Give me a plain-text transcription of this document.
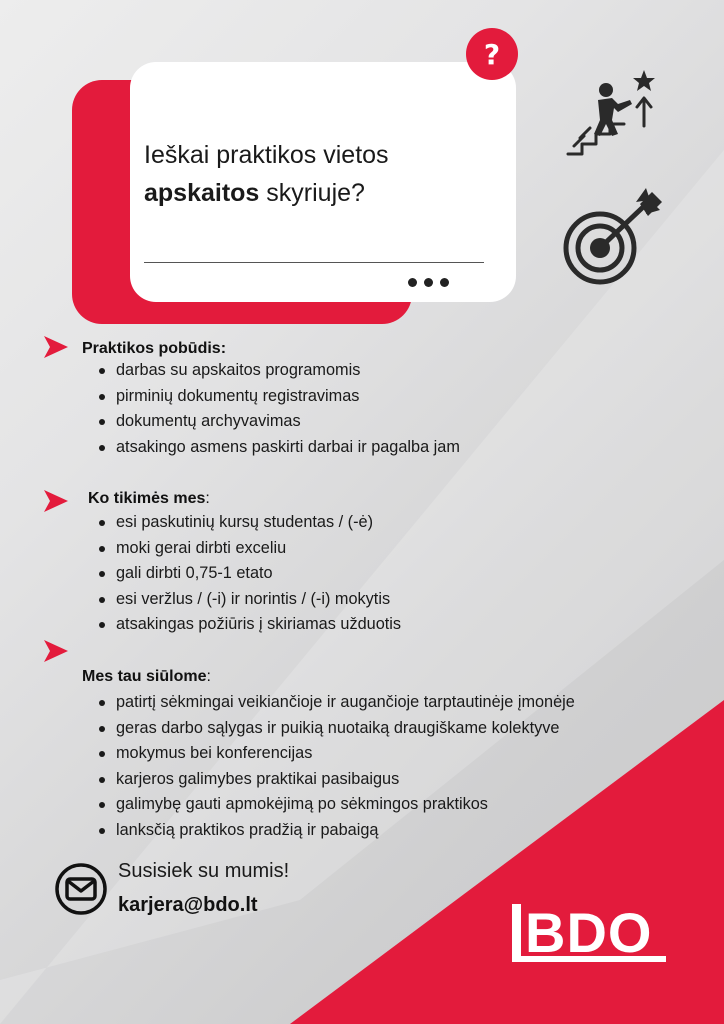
?
Ieškai praktikos vietos
apskaitos skyriuje?
Praktikos pobūdis:
darbas su apskaitos programomis
pirminių dokumentų registravimas
dokumentų archyvavimas
atsakingo asmens paskirti darbai ir pagalba jam
Ko tikimės mes:
esi paskutinių kursų studentas / (-ė)
moki gerai dirbti exceliu
gali dirbti 0,75-1 etato
esi veržlus / (-i) ir norintis / (-i) mokytis
atsakingas požiūris į skiriamas užduotis
Mes tau siūlome:
patirtį sėkmingai veikiančioje ir augančioje tarptautinėje įmonėje
geras darbo sąlygas ir puikią nuotaiką draugiškame kolektyve
mokymus bei konferencijas
karjeros galimybes praktikai pasibaigus
galimybę gauti apmokėjimą po sėkmingos praktikos
lanksčią praktikos pradžią ir pabaigą
Susisiek su mumis!
karjera@bdo.lt	BDO
